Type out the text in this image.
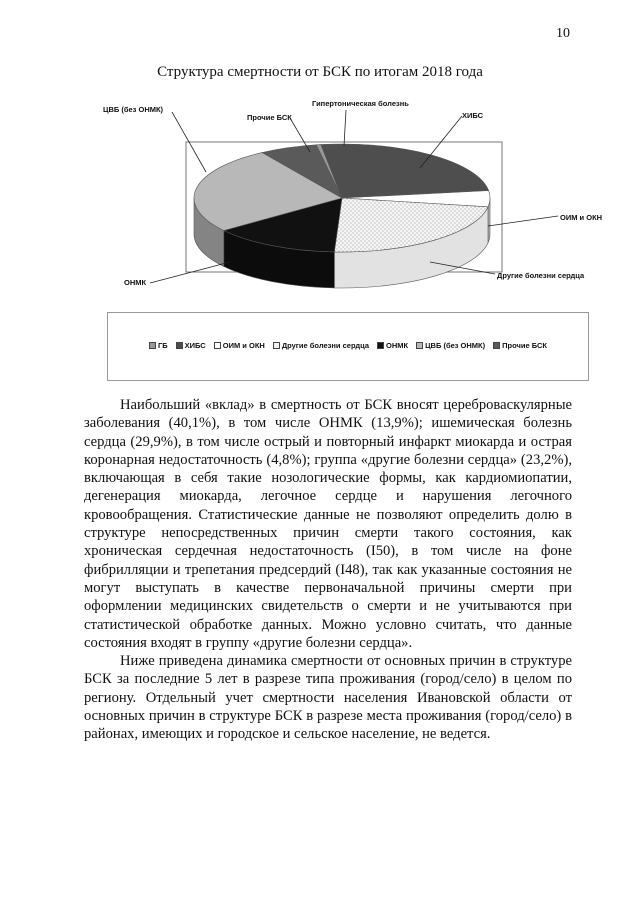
10
Структура смертности от БСК по итогам 2018 года
Гипертоническая болезнь
ХИБС
ОИМ и ОКН
Другие болезни сердца
ОНМК
ЦВБ (без ОНМК)
Прочие БСК
ГБ ХИБС ОИМ и ОКН Другие болезни сердца ОНМК ЦВБ (без ОНМК) Прочие БСК

Наибольший «вклад» в смертность от БСК вносят цереброваскулярные заболевания (40,1%), в том числе ОНМК (13,9%); ишемическая болезнь сердца (29,9%), в том числе острый и повторный инфаркт миокарда и острая коронарная недостаточность (4,8%); группа «другие болезни сердца» (23,2%), включающая в себя такие нозологические формы, как кардиомиопатии, дегенерация миокарда, легочное сердце и нарушения легочного кровообращения. Статистические данные не позволяют определить долю в структуре непосредственных причин смерти такого состояния, как хроническая сердечная недостаточность (I50), в том числе на фоне фибрилляции и трепетания предсердий (I48), так как указанные состояния не могут выступать в качестве первоначальной причины смерти при оформлении медицинских свидетельств о смерти и не учитываются при статистической обработке данных. Можно условно считать, что данные состояния входят в группу «другие болезни сердца».

Ниже приведена динамика смертности от основных причин в структуре БСК за последние 5 лет в разрезе типа проживания (город/село) в целом по региону. Отдельный учет смертности населения Ивановской области от основных причин в структуре БСК в разрезе места проживания (город/село) в районах, имеющих и городское и сельское население, не ведется.
